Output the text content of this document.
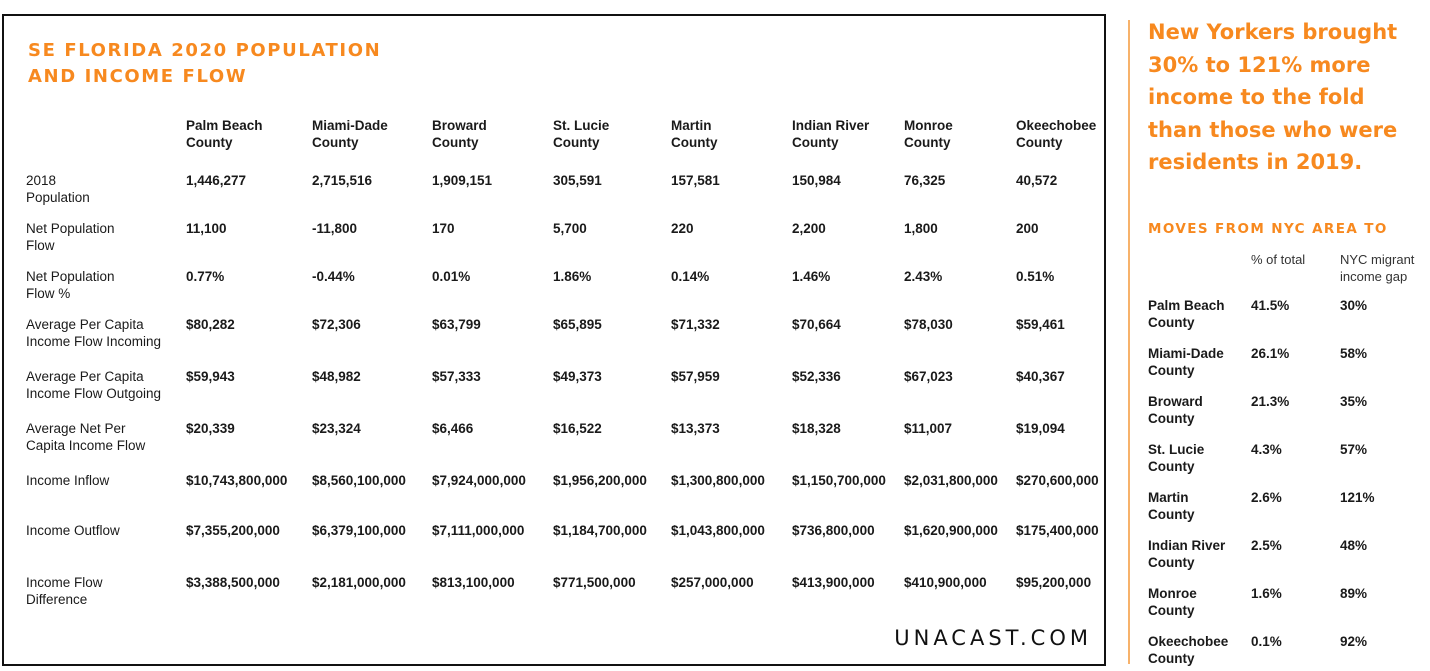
SE FLORIDA 2020 POPULATION
AND INCOME FLOW
Palm Beach
County
Miami-Dade
County
Broward
County
St. Lucie
County
Martin
County
Indian River
County
Monroe
County
Okeechobee
County
2018
Population
1,446,277	2,715,516	1,909,151	305,591	157,581	150,984	76,325	40,572
Net Population
Flow
11,100	-11,800	170	5,700	220	2,200	1,800	200
Net Population
Flow %
0.77%	-0.44%	0.01%	1.86%	0.14%	1.46%	2.43%	0.51%
Average Per Capita
Income Flow Incoming
$80,282	$72,306	$63,799	$65,895	$71,332	$70,664	$78,030	$59,461
Average Per Capita
Income Flow Outgoing
$59,943	$48,982	$57,333	$49,373	$57,959	$52,336	$67,023	$40,367
Average Net Per
Capita Income Flow
$20,339	$23,324	$6,466	$16,522	$13,373	$18,328	$11,007	$19,094
Income Inflow	$10,743,800,000 $8,560,100,000 $7,924,000,000 $1,956,200,000 $1,300,800,000 $1,150,700,000 $2,031,800,000 $270,600,000
Income Outflow	$7,355,200,000 $6,379,100,000 $7,111,000,000 $1,184,700,000 $1,043,800,000 $736,800,000 $1,620,900,000 $175,400,000
Income Flow
Difference
$3,388,500,000 $2,181,000,000 $813,100,000	$771,500,000	$257,000,000	$413,900,000 $410,900,000 $95,200,000
UNACAST.COM

New Yorkers brought 30% to 121% more income to the fold than those who were residents in 2019.

MOVES FROM NYC AREA TO
% of total	NYC migrant
income gap
Palm Beach
County
41.5%	30%
Miami-Dade
County
26.1%	58%
Broward
County
21.3%	35%
St. Lucie
County
4.3%	57%
Martin
County
2.6%	121%
Indian River
County
2.5%	48%
Monroe
County
1.6%	89%
Okeechobee
County
0.1%	92%
